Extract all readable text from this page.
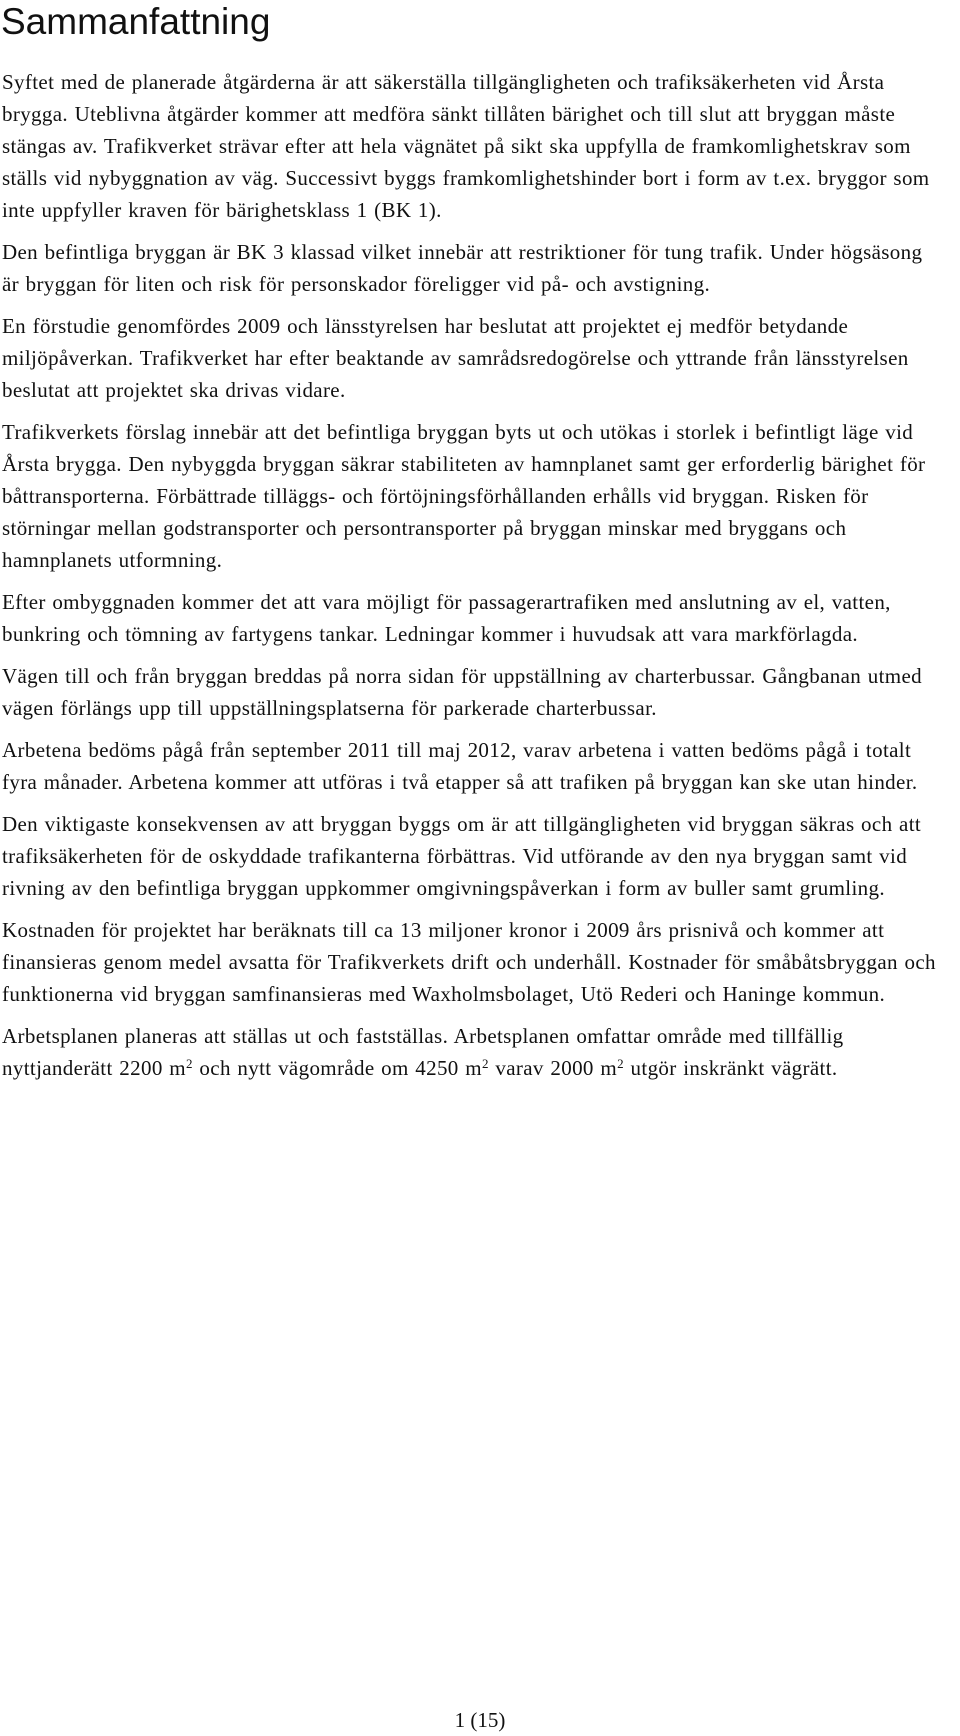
Sammanfattning

Syftet med de planerade åtgärderna är att säkerställa tillgängligheten och trafiksäkerheten vid Årsta brygga. Uteblivna åtgärder kommer att medföra sänkt tillåten bärighet och till slut att bryggan måste stängas av. Trafikverket strävar efter att hela vägnätet på sikt ska uppfylla de framkomlighetskrav som ställs vid nybyggnation av väg. Successivt byggs framkomlighetshinder bort i form av t.ex. bryggor som inte uppfyller kraven för bärighetsklass 1 (BK 1).

Den befintliga bryggan är BK 3 klassad vilket innebär att restriktioner för tung trafik. Under högsäsong är bryggan för liten och risk för personskador föreligger vid på- och avstigning.

En förstudie genomfördes 2009 och länsstyrelsen har beslutat att projektet ej medför betydande miljöpåverkan. Trafikverket har efter beaktande av samrådsredogörelse och yttrande från länsstyrelsen beslutat att projektet ska drivas vidare.

Trafikverkets förslag innebär att det befintliga bryggan byts ut och utökas i storlek i befintligt läge vid Årsta brygga. Den nybyggda bryggan säkrar stabiliteten av hamnplanet samt ger erforderlig bärighet för båttransporterna. Förbättrade tilläggs- och förtöjningsförhållanden erhålls vid bryggan. Risken för störningar mellan godstransporter och persontransporter på bryggan minskar med bryggans och hamnplanets utformning.

Efter ombyggnaden kommer det att vara möjligt för passagerartrafiken med anslutning av el, vatten, bunkring och tömning av fartygens tankar. Ledningar kommer i huvudsak att vara markförlagda.

Vägen till och från bryggan breddas på norra sidan för uppställning av charterbussar. Gångbanan utmed vägen förlängs upp till uppställningsplatserna för parkerade charterbussar.

Arbetena bedöms pågå från september 2011 till maj 2012, varav arbetena i vatten bedöms pågå i totalt fyra månader. Arbetena kommer att utföras i två etapper så att trafiken på bryggan kan ske utan hinder.

Den viktigaste konsekvensen av att bryggan byggs om är att tillgängligheten vid bryggan säkras och att trafiksäkerheten för de oskyddade trafikanterna förbättras. Vid utförande av den nya bryggan samt vid rivning av den befintliga bryggan uppkommer omgivningspåverkan i form av buller samt grumling.

Kostnaden för projektet har beräknats till ca 13 miljoner kronor i 2009 års prisnivå och kommer att finansieras genom medel avsatta för Trafikverkets drift och underhåll. Kostnader för småbåtsbryggan och funktionerna vid bryggan samfinansieras med Waxholmsbolaget, Utö Rederi och Haninge kommun.

Arbetsplanen planeras att ställas ut och fastställas. Arbetsplanen omfattar område med tillfällig nyttjanderätt 2200 $m^2$ och nytt vägområde om 4250 $m^2$ varav 2000 $m^2$ utgör inskränkt vägrätt.

1 (15)
